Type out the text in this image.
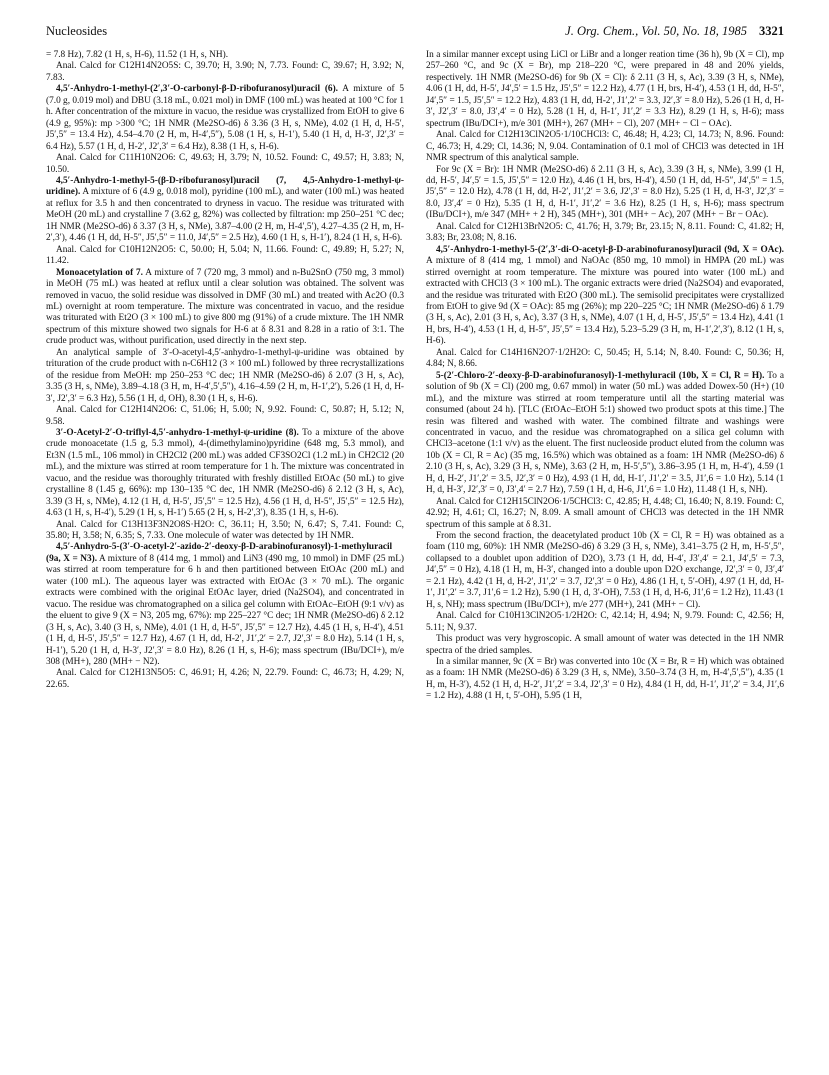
Nucleosides	J. Org. Chem., Vol. 50, No. 18, 1985 3321

= 7.8 Hz), 7.82 (1 H, s, H-6), 11.52 (1 H, s, NH).

Anal. Calcd for C12H14N2O5S: C, 39.70; H, 3.90; N, 7.73. Found: C, 39.67; H, 3.92; N, 7.83.

4,5′-Anhydro-1-methyl-(2′,3′-O-carbonyl-β-D-ribofuranosyl)uracil (6). A mixture of 5 (7.0 g, 0.019 mol) and DBU (3.18 mL, 0.021 mol) in DMF (100 mL) was heated at 100 °C for 1 h. After concentration of the mixture in vacuo, the residue was crystallized from EtOH to give 6 (4.9 g, 95%): mp >300 °C; 1H NMR (Me2SO-d6) δ 3.36 (3 H, s, NMe), 4.02 (1 H, d, H-5′, J5′,5″ = 13.4 Hz), 4.54–4.70 (2 H, m, H-4′,5″), 5.08 (1 H, s, H-1′), 5.40 (1 H, d, H-3′, J2′,3′ = 6.4 Hz), 5.57 (1 H, d, H-2′, J2′,3′ = 6.4 Hz), 8.38 (1 H, s, H-6).

Anal. Calcd for C11H10N2O6: C, 49.63; H, 3.79; N, 10.52. Found: C, 49.57; H, 3.83; N, 10.50.

4,5′-Anhydro-1-methyl-5-(β-D-ribofuranosyl)uracil (7, 4,5-Anhydro-1-methyl-ψ-uridine). A mixture of 6 (4.9 g, 0.018 mol), pyridine (100 mL), and water (100 mL) was heated at reflux for 3.5 h and then concentrated to dryness in vacuo. The residue was triturated with MeOH (20 mL) and crystalline 7 (3.62 g, 82%) was collected by filtration: mp 250–251 °C dec; 1H NMR (Me2SO-d6) δ 3.37 (3 H, s, NMe), 3.87–4.00 (2 H, m, H-4′,5′), 4.27–4.35 (2 H, m, H-2′,3′), 4.46 (1 H, dd, H-5″, J5′,5″ = 11.0, J4′,5″ = 2.5 Hz), 4.60 (1 H, s, H-1′), 8.24 (1 H, s, H-6).

Anal. Calcd for C10H12N2O5: C, 50.00; H, 5.04; N, 11.66. Found: C, 49.89; H, 5.27; N, 11.42.

Monoacetylation of 7. A mixture of 7 (720 mg, 3 mmol) and n-Bu2SnO (750 mg, 3 mmol) in MeOH (75 mL) was heated at reflux until a clear solution was obtained. The solvent was removed in vacuo, the solid residue was dissolved in DMF (30 mL) and treated with Ac2O (0.3 mL) overnight at room temperature. The mixture was concentrated in vacuo, and the residue was triturated with Et2O (3 × 100 mL) to give 800 mg (91%) of a crude mixture. The 1H NMR spectrum of this mixture showed two signals for H-6 at δ 8.31 and 8.28 in a ratio of 3:1. The crude product was, without purification, used directly in the next step.

An analytical sample of 3′-O-acetyl-4,5′-anhydro-1-methyl-ψ-uridine was obtained by trituration of the crude product with n-C6H12 (3 × 100 mL) followed by three recrystallizations of the residue from MeOH: mp 250–253 °C dec; 1H NMR (Me2SO-d6) δ 2.07 (3 H, s, Ac), 3.35 (3 H, s, NMe), 3.89–4.18 (3 H, m, H-4′,5′,5″), 4.16–4.59 (2 H, m, H-1′,2′), 5.26 (1 H, d, H-3′, J2′,3′ = 6.3 Hz), 5.56 (1 H, d, OH), 8.30 (1 H, s, H-6).

Anal. Calcd for C12H14N2O6: C, 51.06; H, 5.00; N, 9.92. Found: C, 50.87; H, 5.12; N, 9.58.

3′-O-Acetyl-2′-O-triflyl-4,5′-anhydro-1-methyl-ψ-uridine (8). To a mixture of the above crude monoacetate (1.5 g, 5.3 mmol), 4-(dimethylamino)pyridine (648 mg, 5.3 mmol), and Et3N (1.5 mL, 106 mmol) in CH2Cl2 (200 mL) was added CF3SO2Cl (1.2 mL) in CH2Cl2 (20 mL), and the mixture was stirred at room temperature for 1 h. The mixture was concentrated in vacuo, and the residue was thoroughly triturated with freshly distilled EtOAc (50 mL) to give crystalline 8 (1.45 g, 66%): mp 130–135 °C dec, 1H NMR (Me2SO-d6) δ 2.12 (3 H, s, Ac), 3.39 (3 H, s, NMe), 4.12 (1 H, d, H-5′, J5′,5″ = 12.5 Hz), 4.56 (1 H, d, H-5″, J5′,5″ = 12.5 Hz), 4.63 (1 H, s, H-4′), 5.29 (1 H, s, H-1′) 5.65 (2 H, s, H-2′,3′), 8.35 (1 H, s, H-6).

Anal. Calcd for C13H13F3N2O8S·H2O: C, 36.11; H, 3.50; N, 6.47; S, 7.41. Found: C, 35.80; H, 3.58; N, 6.35; S, 7.33. One molecule of water was detected by 1H NMR.

4,5′-Anhydro-5-(3′-O-acetyl-2′-azido-2′-deoxy-β-D-arabinofuranosyl)-1-methyluracil (9a, X = N3). A mixture of 8 (414 mg, 1 mmol) and LiN3 (490 mg, 10 mmol) in DMF (25 mL) was stirred at room temperature for 6 h and then partitioned between EtOAc (200 mL) and water (100 mL). The aqueous layer was extracted with EtOAc (3 × 70 mL). The organic extracts were combined with the original EtOAc layer, dried (Na2SO4), and concentrated in vacuo. The residue was chromatographed on a silica gel column with EtOAc–EtOH (9:1 v/v) as the eluent to give 9 (X = N3, 205 mg, 67%): mp 225–227 °C dec; 1H NMR (Me2SO-d6) δ 2.12 (3 H, s, Ac), 3.40 (3 H, s, NMe), 4.01 (1 H, d, H-5″, J5′,5″ = 12.7 Hz), 4.45 (1 H, s, H-4′), 4.51 (1 H, d, H-5′, J5′,5″ = 12.7 Hz), 4.67 (1 H, dd, H-2′, J1′,2′ = 2.7, J2′,3′ = 8.0 Hz), 5.14 (1 H, s, H-1′), 5.20 (1 H, d, H-3′, J2′,3′ = 8.0 Hz), 8.26 (1 H, s, H-6); mass spectrum (IBu/DCI+), m/e 308 (MH+), 280 (MH+ − N2).

Anal. Calcd for C12H13N5O5: C, 46.91; H, 4.26; N, 22.79. Found: C, 46.73; H, 4.29; N, 22.65.

In a similar manner except using LiCl or LiBr and a longer reation time (36 h), 9b (X = Cl), mp 257–260 °C, and 9c (X = Br), mp 218–220 °C, were prepared in 48 and 20% yields, respectively. 1H NMR (Me2SO-d6) for 9b (X = Cl): δ 2.11 (3 H, s, Ac), 3.39 (3 H, s, NMe), 4.06 (1 H, dd, H-5′, J4′,5′ = 1.5 Hz, J5′,5″ = 12.2 Hz), 4.77 (1 H, brs, H-4′), 4.53 (1 H, dd, H-5″, J4′,5″ = 1.5, J5′,5″ = 12.2 Hz), 4.83 (1 H, dd, H-2′, J1′,2′ = 3.3, J2′,3′ = 8.0 Hz), 5.26 (1 H, d, H-3′, J2′,3′ = 8.0, J3′,4′ = 0 Hz), 5.28 (1 H, d, H-1′, J1′,2′ = 3.3 Hz), 8.29 (1 H, s, H-6); mass spectrum (IBu/DCI+), m/e 301 (MH+), 267 (MH+ − Cl), 207 (MH+ − Cl − OAc).

Anal. Calcd for C12H13ClN2O5·1/10CHCl3: C, 46.48; H, 4.23; Cl, 14.73; N, 8.96. Found: C, 46.73; H, 4.29; Cl, 14.36; N, 9.04. Contamination of 0.1 mol of CHCl3 was detected in 1H NMR spectrum of this analytical sample.

For 9c (X = Br): 1H NMR (Me2SO-d6) δ 2.11 (3 H, s, Ac), 3.39 (3 H, s, NMe), 3.99 (1 H, dd, H-5′, J4′,5′ = 1.5, J5′,5″ = 12.0 Hz), 4.46 (1 H, brs, H-4′), 4.50 (1 H, dd, H-5″, J4′,5″ = 1.5, J5′,5″ = 12.0 Hz), 4.78 (1 H, dd, H-2′, J1′,2′ = 3.6, J2′,3′ = 8.0 Hz), 5.25 (1 H, d, H-3′, J2′,3′ = 8.0, J3′,4′ = 0 Hz), 5.35 (1 H, d, H-1′, J1′,2′ = 3.6 Hz), 8.25 (1 H, s, H-6); mass spectrum (IBu/DCI+), m/e 347 (MH+ + 2 H), 345 (MH+), 301 (MH+ − Ac), 207 (MH+ − Br − OAc).

Anal. Calcd for C12H13BrN2O5: C, 41.76; H, 3.79; Br, 23.15; N, 8.11. Found: C, 41.82; H, 3.83; Br, 23.08; N, 8.16.

4,5′-Anhydro-1-methyl-5-(2′,3′-di-O-acetyl-β-D-arabinofuranosyl)uracil (9d, X = OAc). A mixture of 8 (414 mg, 1 mmol) and NaOAc (850 mg, 10 mmol) in HMPA (20 mL) was stirred overnight at room temperature. The mixture was poured into water (100 mL) and extracted with CHCl3 (3 × 100 mL). The organic extracts were dried (Na2SO4) and evaporated, and the residue was triturated with Et2O (300 mL). The semisolid precipitates were crystallized from EtOH to give 9d (X = OAc): 85 mg (26%); mp 220–225 °C; 1H NMR (Me2SO-d6) δ 1.79 (3 H, s, Ac), 2.01 (3 H, s, Ac), 3.37 (3 H, s, NMe), 4.07 (1 H, d, H-5′, J5′,5″ = 13.4 Hz), 4.41 (1 H, brs, H-4′), 4.53 (1 H, d, H-5″, J5′,5″ = 13.4 Hz), 5.23–5.29 (3 H, m, H-1′,2′,3′), 8.12 (1 H, s, H-6).

Anal. Calcd for C14H16N2O7·1/2H2O: C, 50.45; H, 5.14; N, 8.40. Found: C, 50.36; H, 4.84; N, 8.66.

5-(2′-Chloro-2′-deoxy-β-D-arabinofuranosyl)-1-methyluracil (10b, X = Cl, R = H). To a solution of 9b (X = Cl) (200 mg, 0.67 mmol) in water (50 mL) was added Dowex-50 (H+) (10 mL), and the mixture was stirred at room temperature until all the starting material was consumed (about 24 h). [TLC (EtOAc–EtOH 5:1) showed two product spots at this time.] The resin was filtered and washed with water. The combined filtrate and washings were concentrated in vacuo, and the residue was chromatographed on a silica gel column with CHCl3–acetone (1:1 v/v) as the eluent. The first nucleoside product eluted from the column was 10b (X = Cl, R = Ac) (35 mg, 16.5%) which was obtained as a foam: 1H NMR (Me2SO-d6) δ 2.10 (3 H, s, Ac), 3.29 (3 H, s, NMe), 3.63 (2 H, m, H-5′,5″), 3.86–3.95 (1 H, m, H-4′), 4.59 (1 H, d, H-2′, J1′,2′ = 3.5, J2′,3′ = 0 Hz), 4.93 (1 H, dd, H-1′, J1′,2′ = 3.5, J1′,6 = 1.0 Hz), 5.14 (1 H, d, H-3′, J2′,3′ = 0, J3′,4′ = 2.7 Hz), 7.59 (1 H, d, H-6, J1′,6 = 1.0 Hz), 11.48 (1 H, s, NH).

Anal. Calcd for C12H15ClN2O6·1/5CHCl3: C, 42.85; H, 4.48; Cl, 16.40; N, 8.19. Found: C, 42.92; H, 4.61; Cl, 16.27; N, 8.09. A small amount of CHCl3 was detected in the 1H NMR spectrum of this sample at δ 8.31.

From the second fraction, the deacetylated product 10b (X = Cl, R = H) was obtained as a foam (110 mg, 60%): 1H NMR (Me2SO-d6) δ 3.29 (3 H, s, NMe), 3.41–3.75 (2 H, m, H-5′,5″, collapsed to a doublet upon addition of D2O), 3.73 (1 H, dd, H-4′, J3′,4′ = 2.1, J4′,5′ = 7.3, J4′,5″ = 0 Hz), 4.18 (1 H, m, H-3′, changed into a double upon D2O exchange, J2′,3′ = 0, J3′,4′ = 2.1 Hz), 4.42 (1 H, d, H-2′, J1′,2′ = 3.7, J2′,3′ = 0 Hz), 4.86 (1 H, t, 5′-OH), 4.97 (1 H, dd, H-1′, J1′,2′ = 3.7, J1′,6 = 1.2 Hz), 5.90 (1 H, d, 3′-OH), 7.53 (1 H, d, H-6, J1′,6 = 1.2 Hz), 11.43 (1 H, s, NH); mass spectrum (IBu/DCI+), m/e 277 (MH+), 241 (MH+ − Cl).

Anal. Calcd for C10H13ClN2O5·1/2H2O: C, 42.14; H, 4.94; N, 9.79. Found: C, 42.56; H, 5.11; N, 9.37.

This product was very hygroscopic. A small amount of water was detected in the 1H NMR spectra of the dried samples.

In a similar manner, 9c (X = Br) was converted into 10c (X = Br, R = H) which was obtained as a foam: 1H NMR (Me2SO-d6) δ 3.29 (3 H, s, NMe), 3.50–3.74 (3 H, m, H-4′,5′,5″), 4.35 (1 H, m, H-3′), 4.52 (1 H, d, H-2′, J1′,2′ = 3.4, J2′,3′ = 0 Hz), 4.84 (1 H, dd, H-1′, J1′,2′ = 3.4, J1′,6 = 1.2 Hz), 4.88 (1 H, t, 5′-OH), 5.95 (1 H,
